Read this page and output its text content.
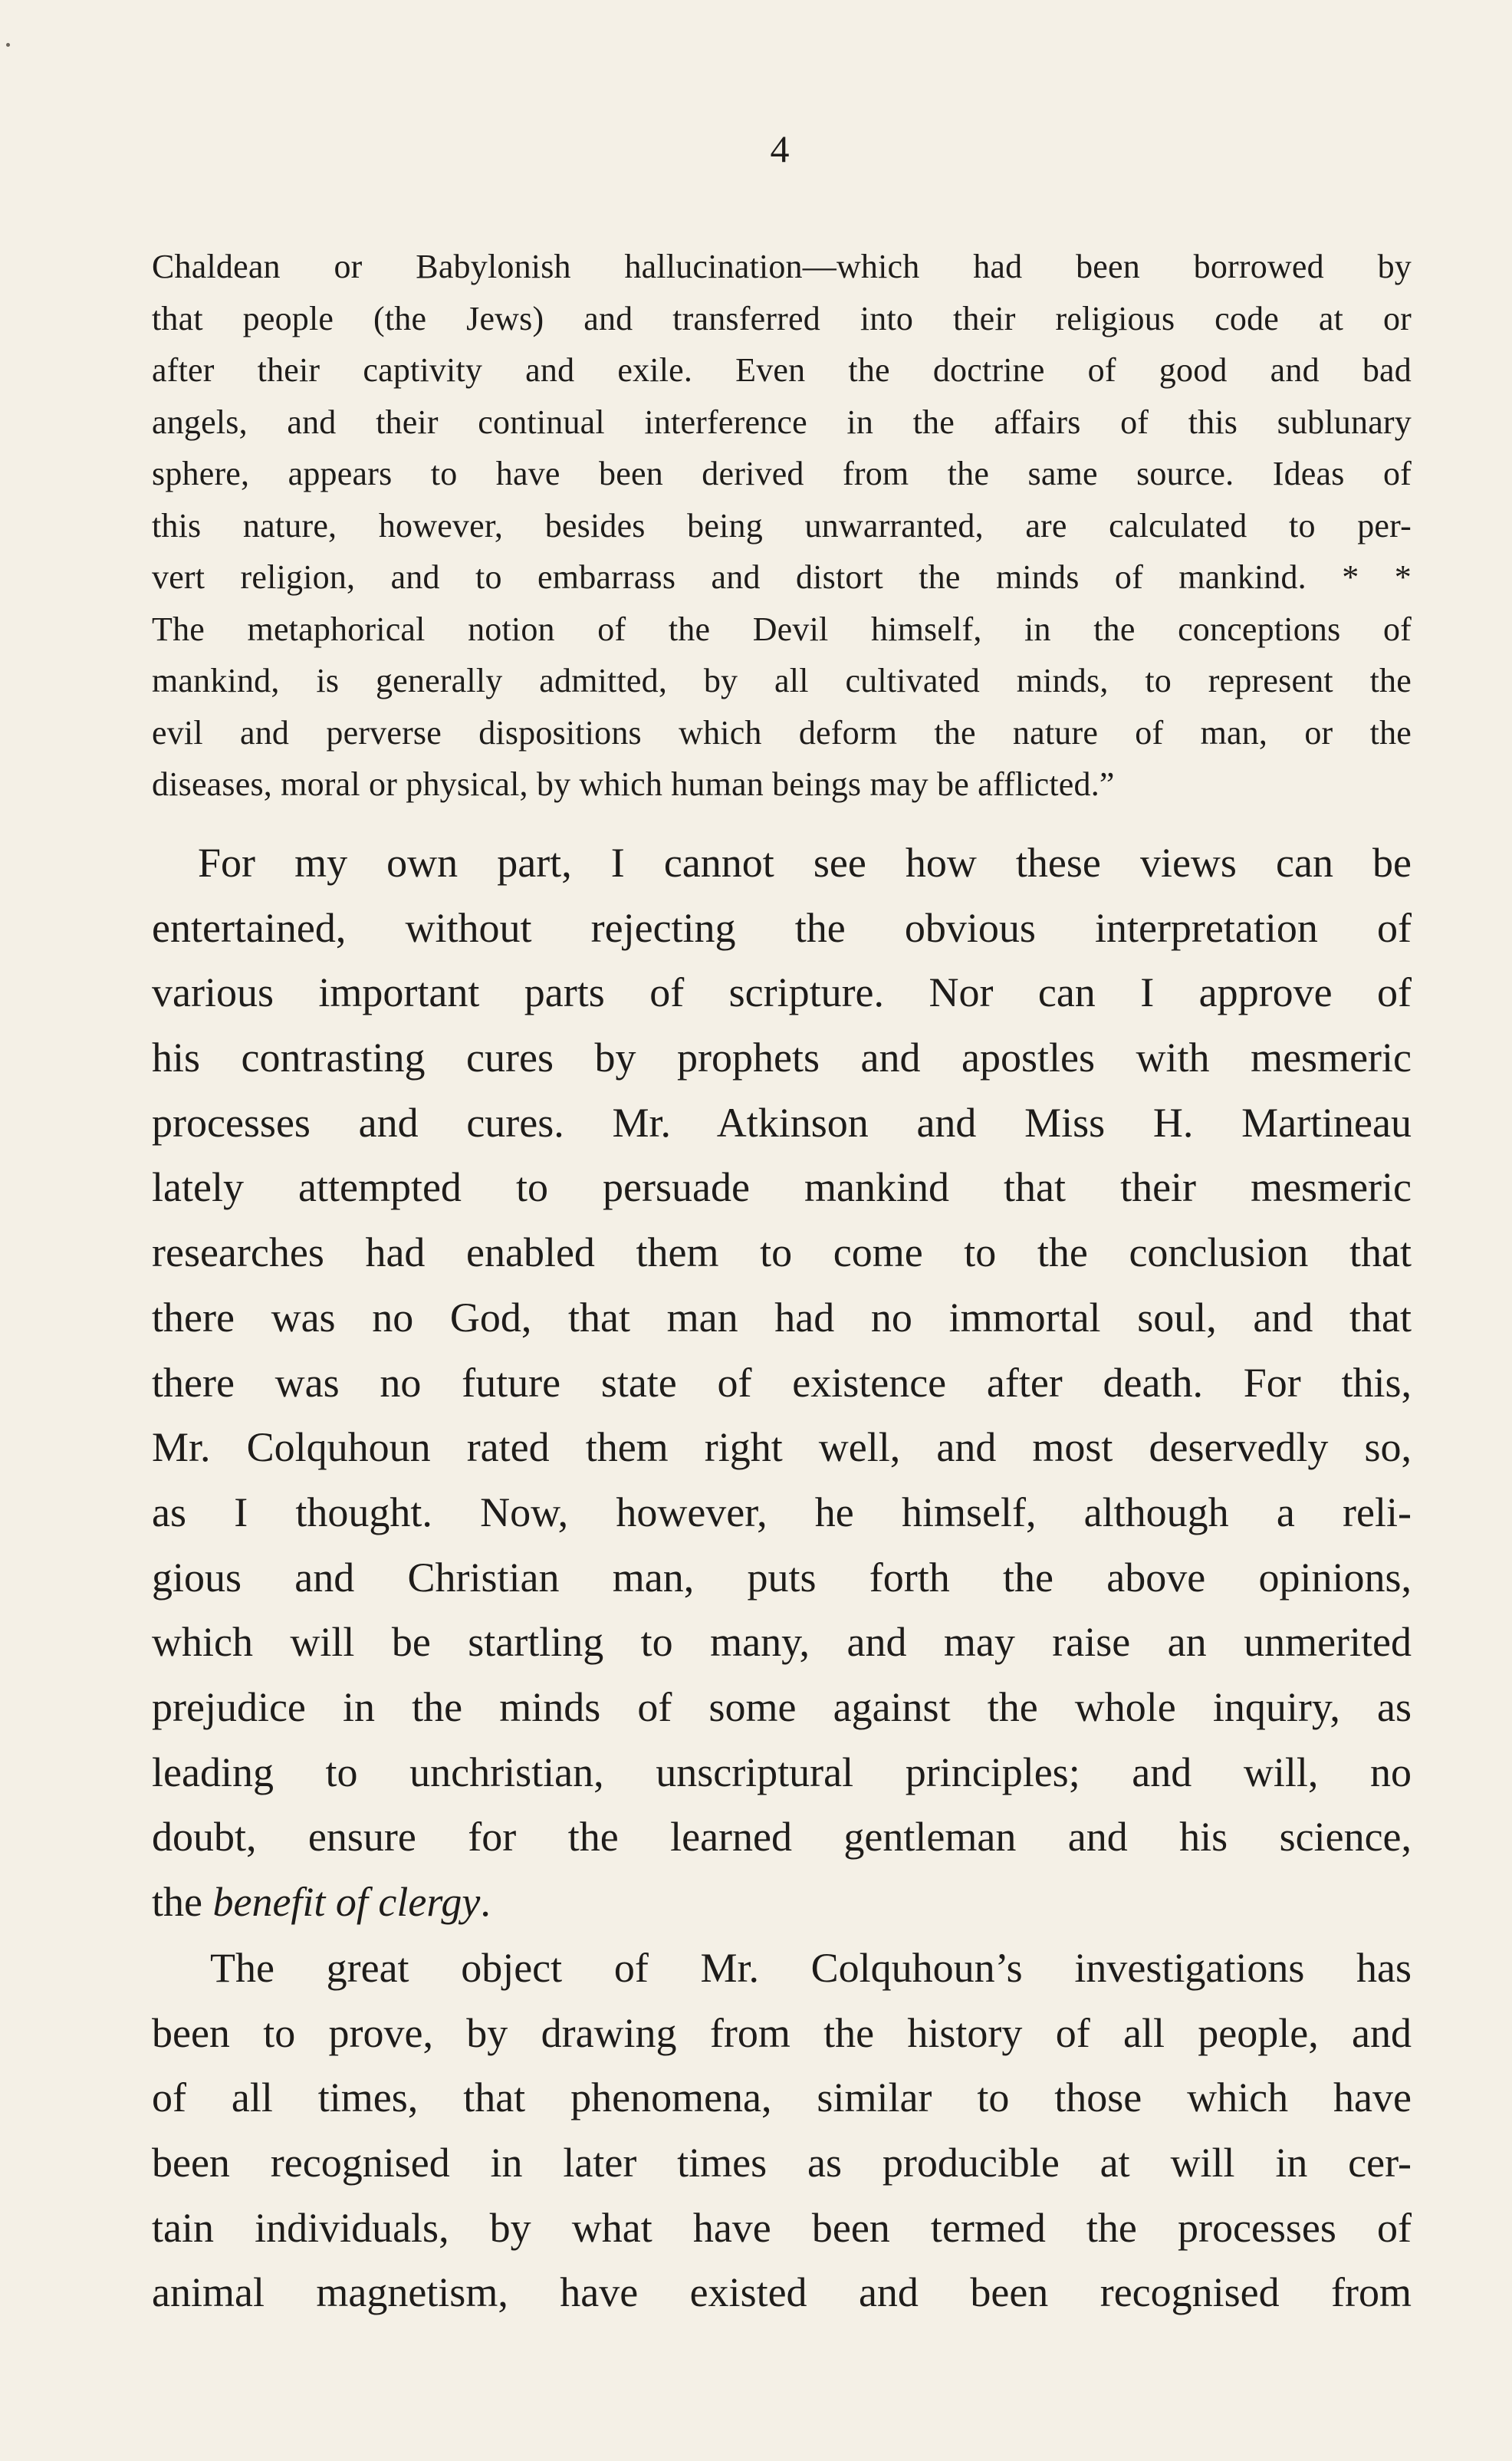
4
Chaldean or Babylonish hallucination—which had been borrowed by
that people (the Jews) and transferred into their religious code at or
after their captivity and exile. Even the doctrine of good and bad
angels, and their continual interference in the affairs of this sublunary
sphere, appears to have been derived from the same source. Ideas of
this nature, however, besides being unwarranted, are calculated to per-
vert religion, and to embarrass and distort the minds of mankind. * *
The metaphorical notion of the Devil himself, in the conceptions of
mankind, is generally admitted, by all cultivated minds, to represent the
evil and perverse dispositions which deform the nature of man, or the
diseases, moral or physical, by which human beings may be afflicted.”
For my own part, I cannot see how these views can be
entertained, without rejecting the obvious interpretation of
various important parts of scripture. Nor can I approve of
his contrasting cures by prophets and apostles with mesmeric
processes and cures. Mr. Atkinson and Miss H. Martineau
lately attempted to persuade mankind that their mesmeric
researches had enabled them to come to the conclusion that
there was no God, that man had no immortal soul, and that
there was no future state of existence after death. For this,
Mr. Colquhoun rated them right well, and most deservedly so,
as I thought. Now, however, he himself, although a reli-
gious and Christian man, puts forth the above opinions,
which will be startling to many, and may raise an unmerited
prejudice in the minds of some against the whole inquiry, as
leading to unchristian, unscriptural principles; and will, no
doubt, ensure for the learned gentleman and his science,
the benefit of clergy.
The great object of Mr. Colquhoun’s investigations has
been to prove, by drawing from the history of all people, and
of all times, that phenomena, similar to those which have
been recognised in later times as producible at will in cer-
tain individuals, by what have been termed the processes of
animal magnetism, have existed and been recognised from
